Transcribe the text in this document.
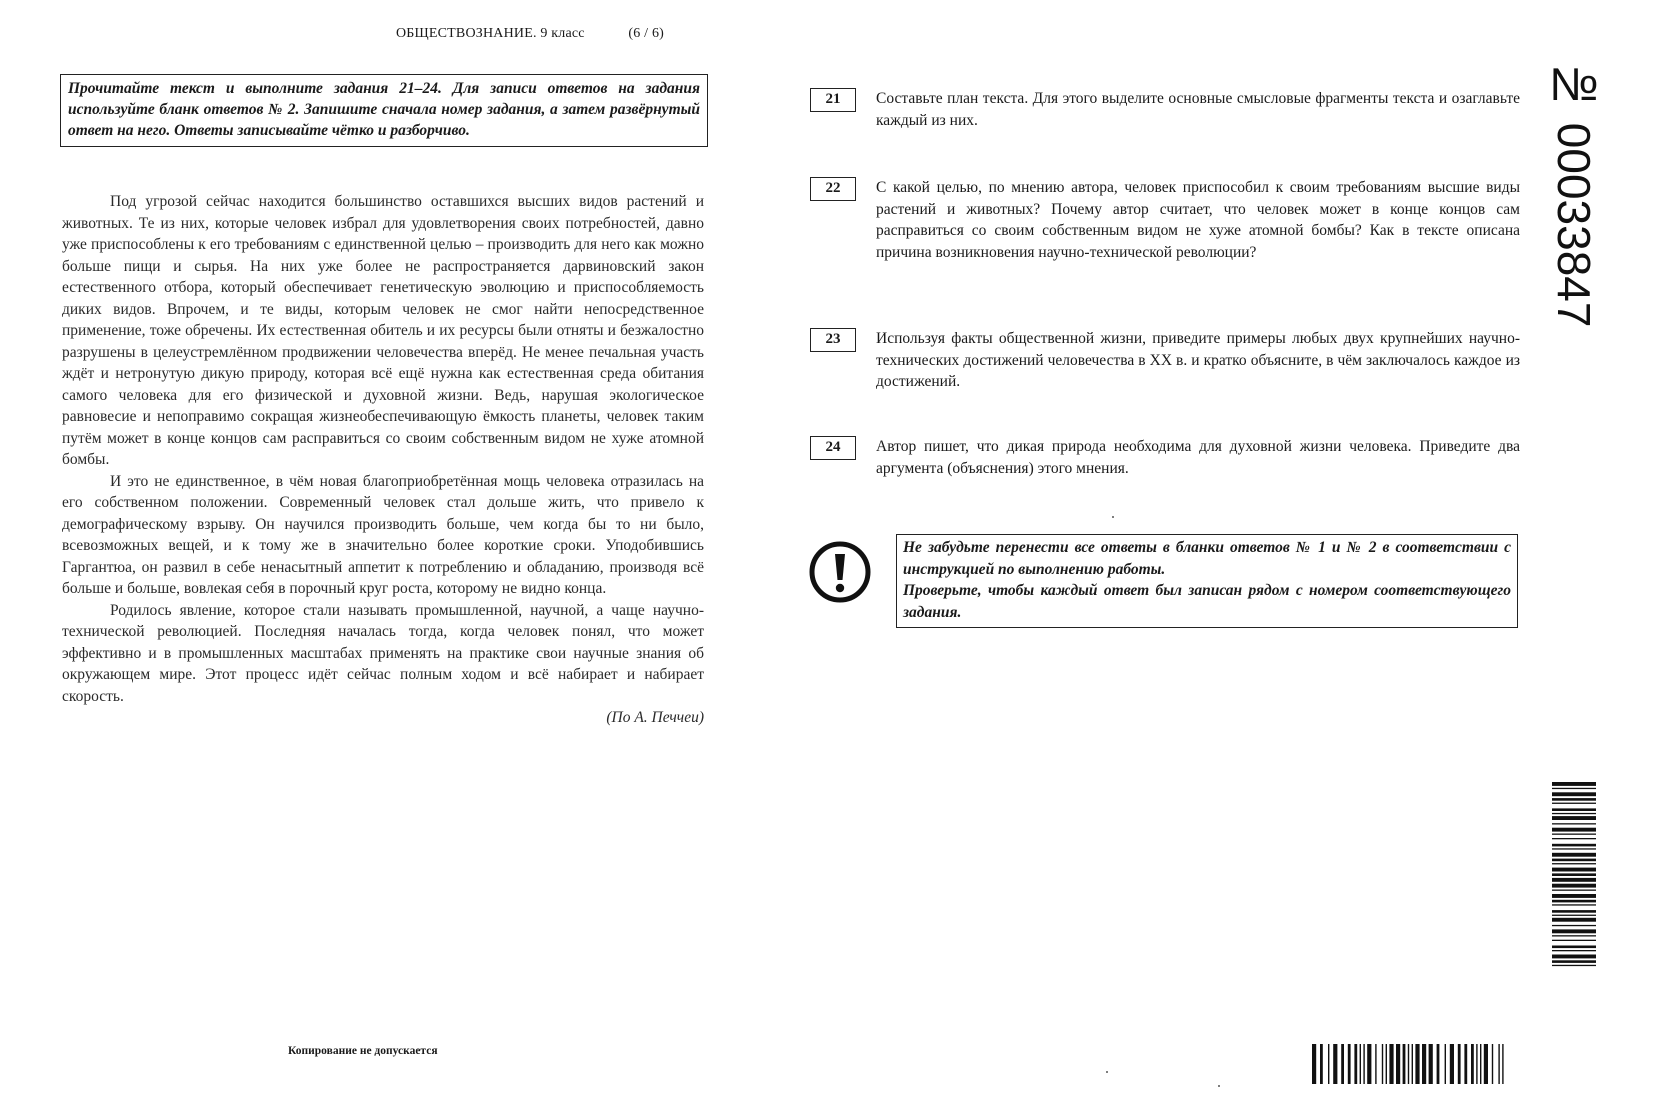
ОБЩЕСТВОЗНАНИЕ. 9 класс	(6 / 6)
Прочитайте текст и выполните задания 21–24. Для записи ответов на задания используйте бланк ответов № 2. Запишите сначала номер задания, а затем развёрнутый ответ на него. Ответы записывайте чётко и разборчиво.

Под угрозой сейчас находится большинство оставшихся высших видов растений и животных. Те из них, которые человек избрал для удовлетворения своих потребностей, давно уже приспособлены к его требованиям с единственной целью – производить для него как можно больше пищи и сырья. На них уже более не распространяется дарвиновский закон естественного отбора, который обеспечивает генетическую эволюцию и приспособляемость диких видов. Впрочем, и те виды, которым человек не смог найти непосредственное применение, тоже обречены. Их естественная обитель и их ресурсы были отняты и безжалостно разрушены в целеустремлённом продвижении человечества вперёд. Не менее печальная участь ждёт и нетронутую дикую природу, которая всё ещё нужна как естественная среда обитания самого человека для его физической и духовной жизни. Ведь, нарушая экологическое равновесие и непоправимо сокращая жизнеобеспечивающую ёмкость планеты, человек таким путём может в конце концов сам расправиться со своим собственным видом не хуже атомной бомбы.

И это не единственное, в чём новая благоприобретённая мощь человека отразилась на его собственном положении. Современный человек стал дольше жить, что привело к демографическому взрыву. Он научился производить больше, чем когда бы то ни было, всевозможных вещей, и к тому же в значительно более короткие сроки. Уподобившись Гаргантюа, он развил в себе ненасытный аппетит к потреблению и обладанию, производя всё больше и больше, вовлекая себя в порочный круг роста, которому не видно конца.

Родилось явление, которое стали называть промышленной, научной, а чаще научно-технической революцией. Последняя началась тогда, когда человек понял, что может эффективно и в промышленных масштабах применять на практике свои научные знания об окружающем мире. Этот процесс идёт сейчас полным ходом и всё набирает и набирает скорость.

(По А. Печчеи)

21	Составьте план текста. Для этого выделите основные смысловые фрагменты текста и озаглавьте каждый из них.
22	С какой целью, по мнению автора, человек приспособил к своим требованиям высшие виды растений и животных? Почему автор считает, что человек может в конце концов сам расправиться со своим собственным видом не хуже атомной бомбы? Как в тексте описана причина возникновения научно-технической революции?
23	Используя факты общественной жизни, приведите примеры любых двух крупнейших научно-технических достижений человечества в XX в. и кратко объясните, в чём заключалось каждое из достижений.
24	Автор пишет, что дикая природа необходима для духовной жизни человека. Приведите два аргумента (объяснения) этого мнения.

Не забудьте перенести все ответы в бланки ответов № 1 и № 2 в соответствии с инструкцией по выполнению работы.

Проверьте, чтобы каждый ответ был записан рядом с номером соответствующего задания.

Копирование не допускается
№ 00033847
